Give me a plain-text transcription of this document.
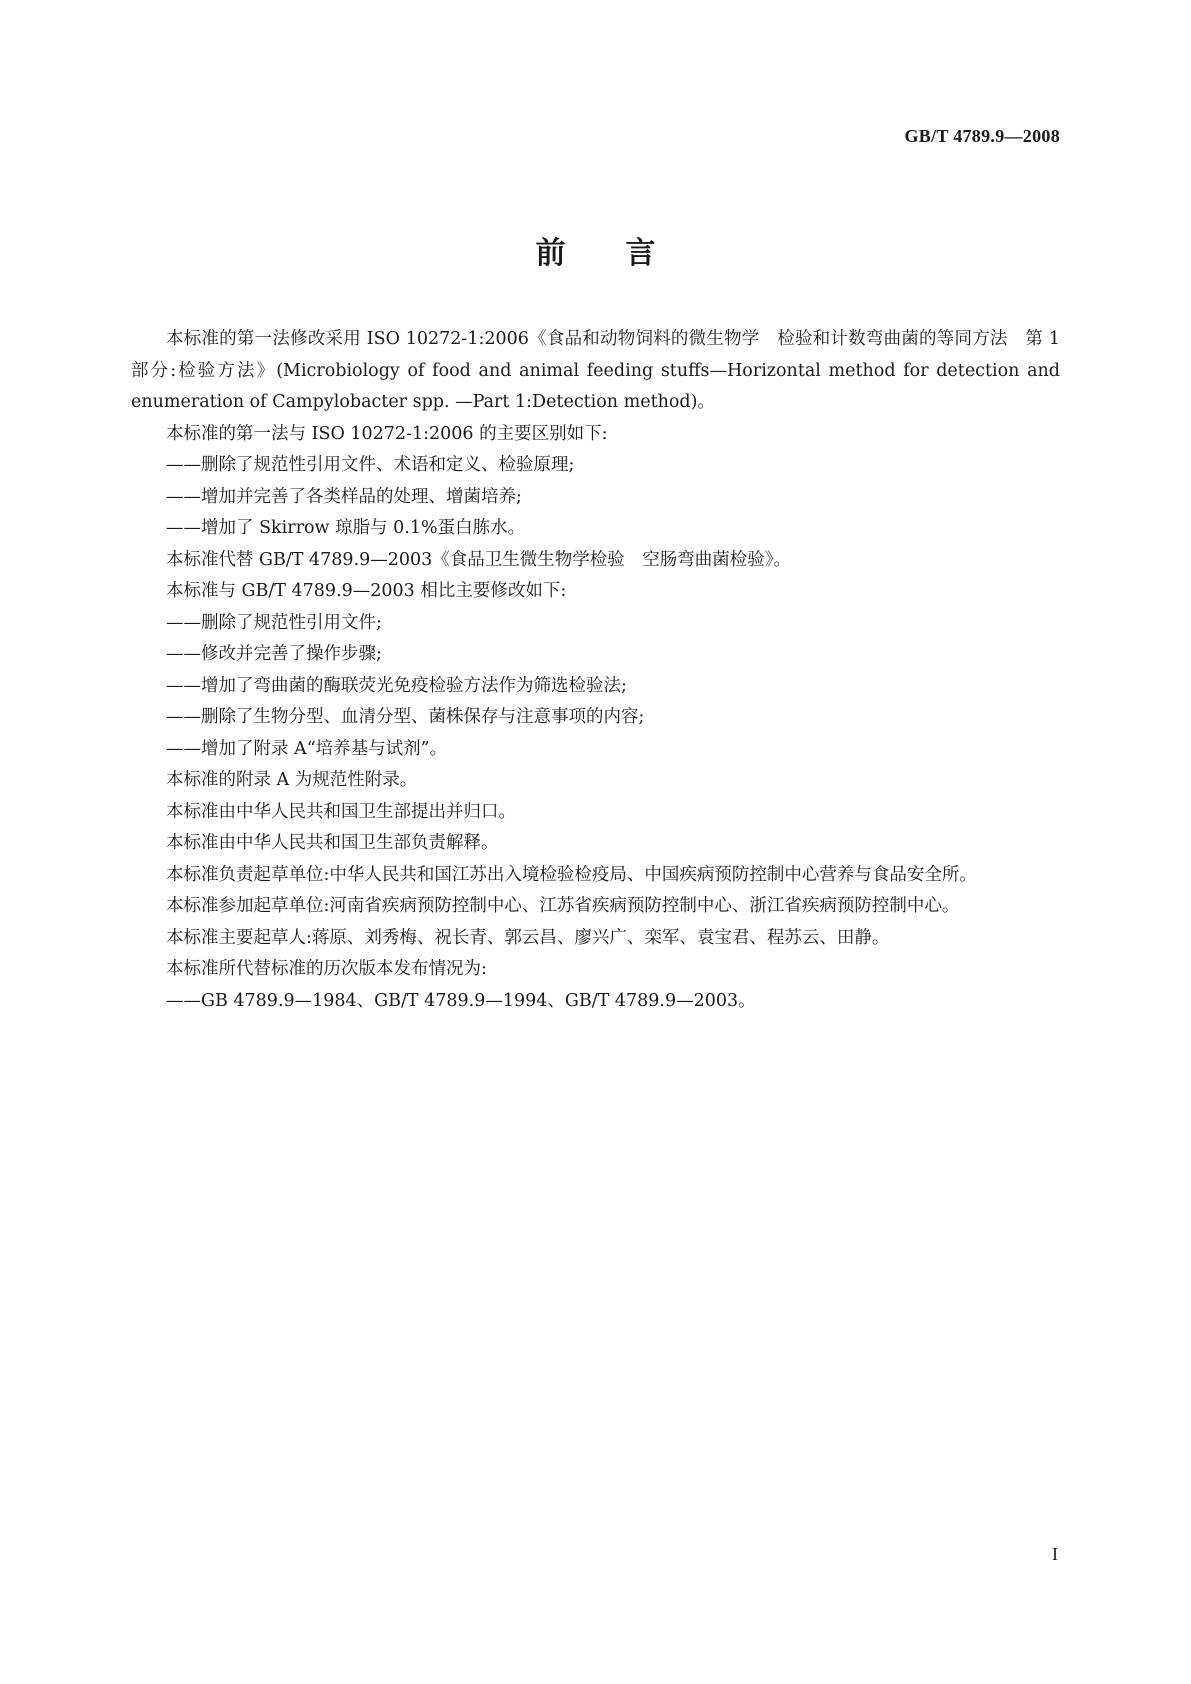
GB/T 4789.9—2008
前言

本标准的第一法修改采用 ISO 10272-1:2006《食品和动物饲料的微生物学　检验和计数弯曲菌的等同方法　第 1 部分:检验方法》(Microbiology of food and animal feeding stuffs—Horizontal method for detection and enumeration of Campylobacter spp. —Part 1:Detection method)。

本标准的第一法与 ISO 10272-1:2006 的主要区别如下:

——删除了规范性引用文件、术语和定义、检验原理;

——增加并完善了各类样品的处理、增菌培养;

——增加了 Skirrow 琼脂与 0.1%蛋白胨水。

本标准代替 GB/T 4789.9—2003《食品卫生微生物学检验　空肠弯曲菌检验》。

本标准与 GB/T 4789.9—2003 相比主要修改如下:

——删除了规范性引用文件;

——修改并完善了操作步骤;

——增加了弯曲菌的酶联荧光免疫检验方法作为筛选检验法;

——删除了生物分型、血清分型、菌株保存与注意事项的内容;

——增加了附录 A“培养基与试剂”。

本标准的附录 A 为规范性附录。

本标准由中华人民共和国卫生部提出并归口。

本标准由中华人民共和国卫生部负责解释。

本标准负责起草单位:中华人民共和国江苏出入境检验检疫局、中国疾病预防控制中心营养与食品安全所。

本标准参加起草单位:河南省疾病预防控制中心、江苏省疾病预防控制中心、浙江省疾病预防控制中心。

本标准主要起草人:蒋原、刘秀梅、祝长青、郭云昌、廖兴广、栾军、袁宝君、程苏云、田静。

本标准所代替标准的历次版本发布情况为:

——GB 4789.9—1984、GB/T 4789.9—1994、GB/T 4789.9—2003。

I
